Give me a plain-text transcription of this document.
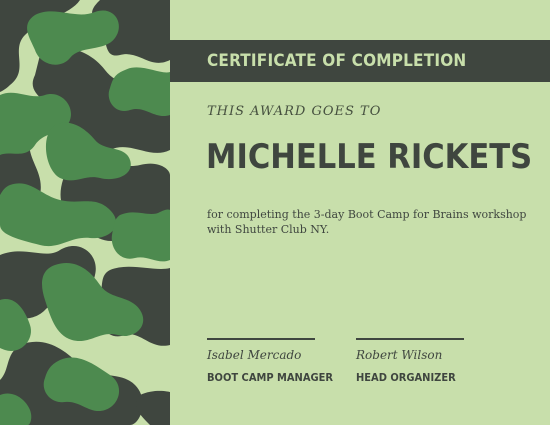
CERTIFICATE OF COMPLETION
THIS AWARD GOES TO
MICHELLE RICKETS
for completing the 3-day Boot Camp for Brains workshop with Shutter Club NY.
Isabel Mercado
BOOT CAMP MANAGER
Robert Wilson
HEAD ORGANIZER
